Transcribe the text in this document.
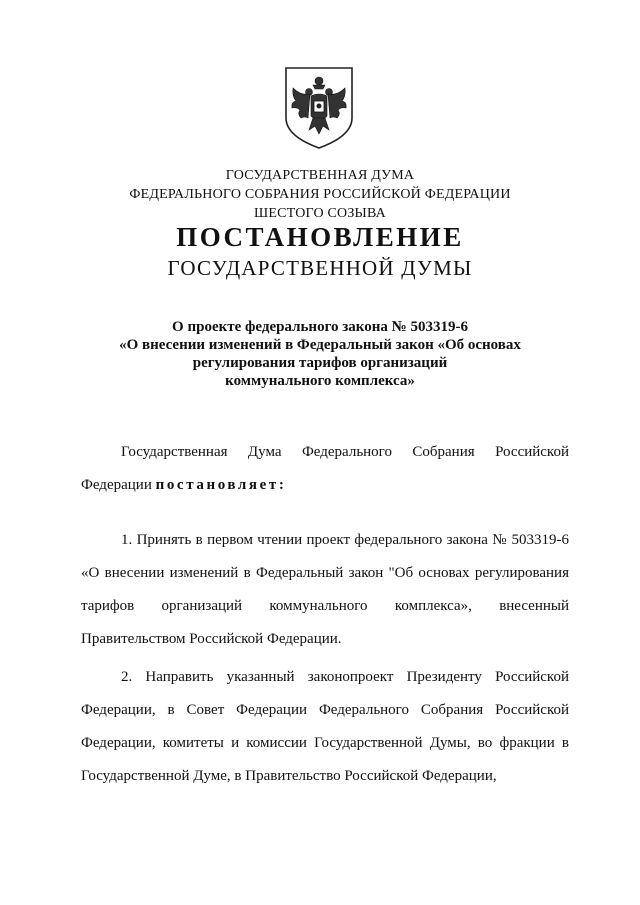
ГОСУДАРСТВЕННАЯ ДУМА
ФЕДЕРАЛЬНОГО СОБРАНИЯ РОССИЙСКОЙ ФЕДЕРАЦИИ
ШЕСТОГО СОЗЫВА
ПОСТАНОВЛЕНИЕ
ГОСУДАРСТВЕННОЙ ДУМЫ
О проекте федерального закона № 503319-6
«О внесении изменений в Федеральный закон «Об основах
регулирования тарифов организаций
коммунального комплекса»

Государственная Дума Федерального Собрания Российской Федерации постановляет:

1. Принять в первом чтении проект федерального закона № 503319-6 «О внесении изменений в Федеральный закон "Об основах регулирования тарифов организаций коммунального комплекса», внесенный Правительством Российской Федерации.

2. Направить указанный законопроект Президенту Российской Федерации, в Совет Федерации Федерального Собрания Российской Федерации, комитеты и комиссии Государственной Думы, во фракции в Государственной Думе, в Правительство Российской Федерации,
